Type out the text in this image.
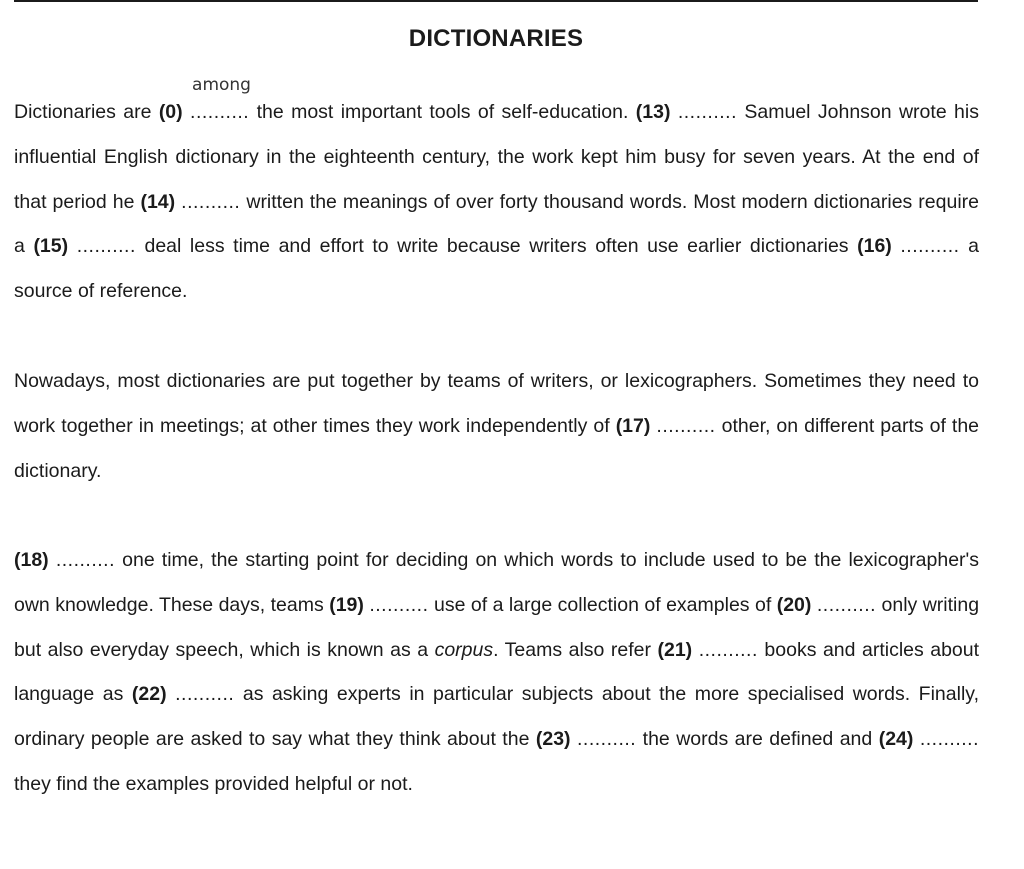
DICTIONARIES
Dictionaries are (0)
among
.......... the most important tools of self-education. (13) .......... Samuel Johnson wrote his influential English dictionary in the eighteenth century, the work kept him busy for seven years. At the end of that period he (14) .......... written the meanings of over forty thousand words. Most modern dictionaries require a (15) .......... deal less time and effort to write because writers often use earlier dictionaries (16) .......... a source of reference.
Nowadays, most dictionaries are put together by teams of writers, or lexicographers. Sometimes they need to work together in meetings; at other times they work independently of (17) .......... other, on different parts of the dictionary.
(18) .......... one time, the starting point for deciding on which words to include used to be the lexicographer's own knowledge. These days, teams (19) .......... use of a large collection of examples of (20) .......... only writing but also everyday speech, which is known as a corpus. Teams also refer (21) .......... books and articles about language as (22) .......... as asking experts in particular subjects about the more specialised words. Finally, ordinary people are asked to say what they think about the (23) .......... the words are defined and (24) .......... they find the examples provided helpful or not.
